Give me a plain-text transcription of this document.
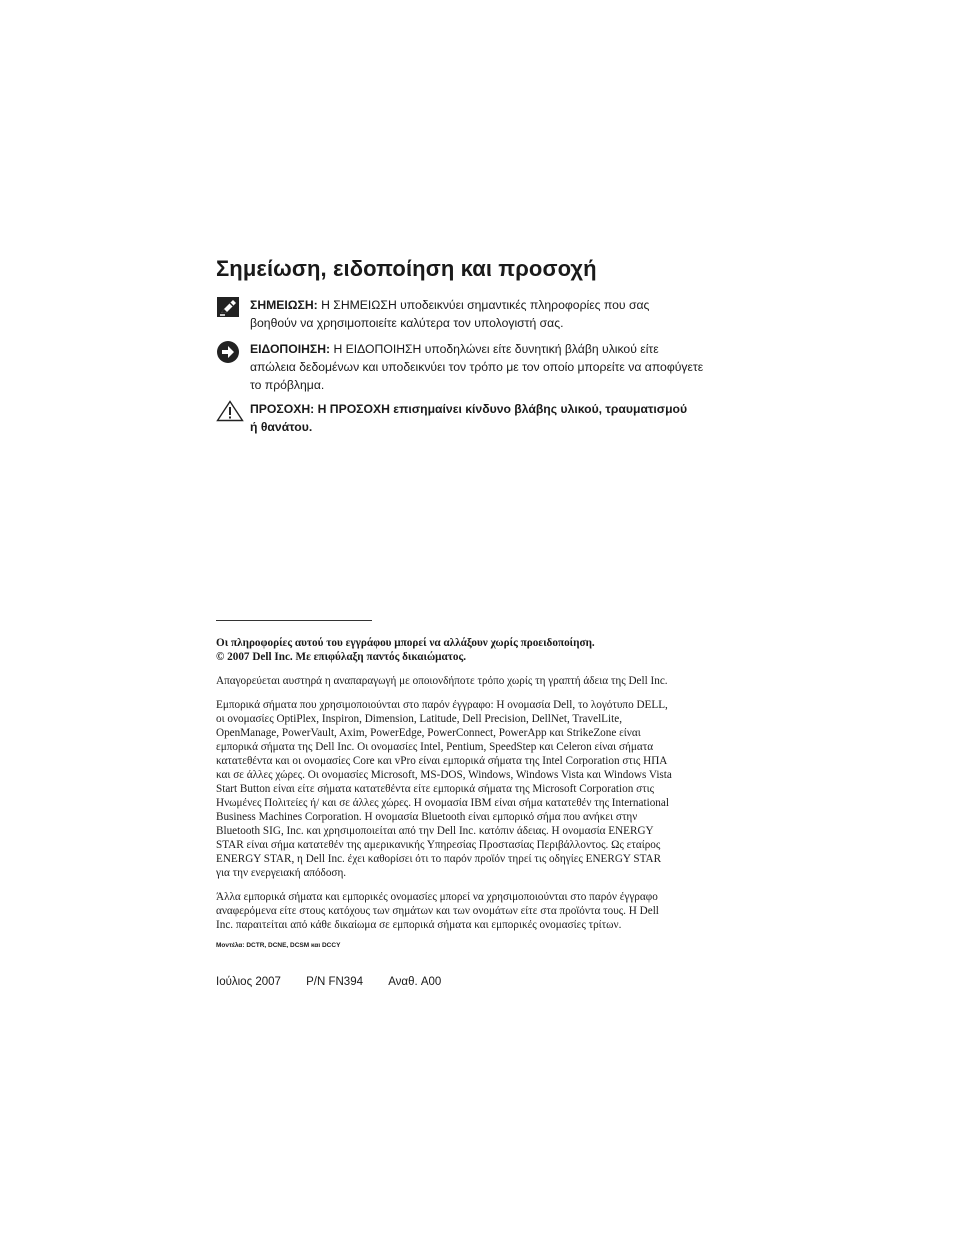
Σημείωση, ειδοποίηση και προσοχή
ΣΗΜΕΙΩΣΗ: Η ΣΗΜΕΙΩΣΗ υποδεικνύει σημαντικές πληροφορίες που σας
βοηθούν να χρησιμοποιείτε καλύτερα τον υπολογιστή σας.
ΕΙΔΟΠΟΙΗΣΗ: Η ΕΙΔΟΠΟΙΗΣΗ υποδηλώνει είτε δυνητική βλάβη υλικού είτε
απώλεια δεδομένων και υποδεικνύει τον τρόπο με τον οποίο μπορείτε να αποφύγετε
το πρόβλημα.
ΠΡΟΣΟΧΗ: Η ΠΡΟΣΟΧΗ επισημαίνει κίνδυνο βλάβης υλικού, τραυματισμού
ή θανάτου.
Οι πληροφορίες αυτού του εγγράφου μπορεί να αλλάξουν χωρίς προειδοποίηση.
© 2007 Dell Inc. Με επιφύλαξη παντός δικαιώματος.
Απαγορεύεται αυστηρά η αναπαραγωγή με οποιονδήποτε τρόπο χωρίς τη γραπτή άδεια της Dell Inc.
Εμπορικά σήματα που χρησιμοποιούνται στο παρόν έγγραφο: Η ονομασία Dell, το λογότυπο DELL,
οι ονομασίες OptiPlex, Inspiron, Dimension, Latitude, Dell Precision, DellNet, TravelLite,
OpenManage, PowerVault, Axim, PowerEdge, PowerConnect, PowerApp και StrikeZone είναι
εμπορικά σήματα της Dell Inc. Οι ονομασίες Intel, Pentium, SpeedStep και Celeron είναι σήματα
κατατεθέντα και οι ονομασίες Core και vPro είναι εμπορικά σήματα της Intel Corporation στις ΗΠΑ
και σε άλλες χώρες. Οι ονομασίες Microsoft, MS-DOS, Windows, Windows Vista και Windows Vista
Start Button είναι είτε σήματα κατατεθέντα είτε εμπορικά σήματα της Microsoft Corporation στις
Ηνωμένες Πολιτείες ή/ και σε άλλες χώρες. Η ονομασία IBM είναι σήμα κατατεθέν της International
Business Machines Corporation. Η ονομασία Bluetooth είναι εμπορικό σήμα που ανήκει στην
Bluetooth SIG, Inc. και χρησιμοποιείται από την Dell Inc. κατόπιν άδειας. Η ονομασία ENERGY
STAR είναι σήμα κατατεθέν της αμερικανικής Υπηρεσίας Προστασίας Περιβάλλοντος. Ως εταίρος
ENERGY STAR, η Dell Inc. έχει καθορίσει ότι το παρόν προϊόν τηρεί τις οδηγίες ENERGY STAR
για την ενεργειακή απόδοση.
Άλλα εμπορικά σήματα και εμπορικές ονομασίες μπορεί να χρησιμοποιούνται στο παρόν έγγραφο
αναφερόμενα είτε στους κατόχους των σημάτων και των ονομάτων είτε στα προϊόντα τους. Η Dell
Inc. παραιτείται από κάθε δικαίωμα σε εμπορικά σήματα και εμπορικές ονομασίες τρίτων.
Μοντέλα: DCTR, DCNE, DCSM και DCCY
Ιούλιος 2007 P/N FN394 Αναθ. A00
